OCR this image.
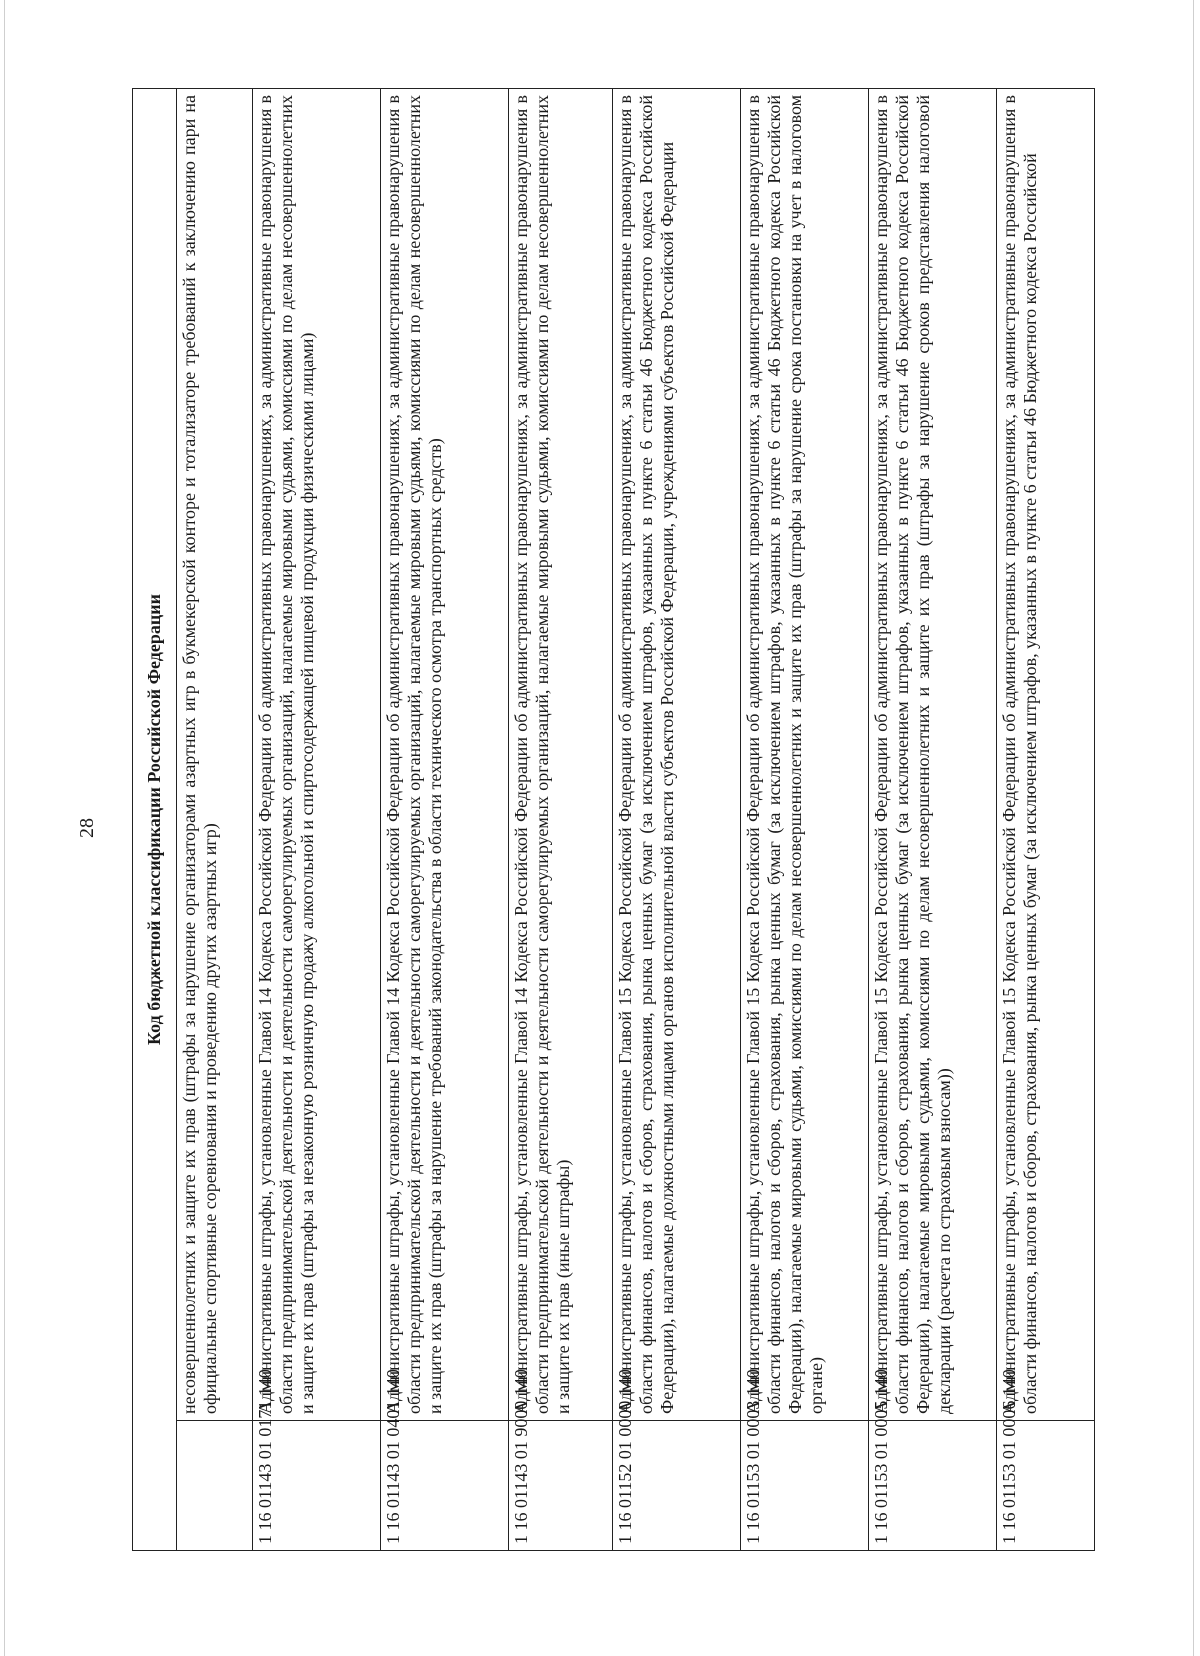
28	Код бюджетной классификации Российской Федерации	
	несовершеннолетних и защите их прав (штрафы за нарушение организаторами азартных игр в букмекерской конторе и тотализаторе требований к заключению пари на официальные спортивные соревнования и проведению других азартных игр)
1 16 01143 01 0171 140	Административные штрафы, установленные Главой 14 Кодекса Российской Федерации об административных правонарушениях, за административные правонарушения в области предпринимательской деятельности и деятельности саморегулируемых организаций, налагаемые мировыми судьями, комиссиями по делам несовершеннолетних и защите их прав (штрафы за незаконную розничную продажу алкогольной и спиртосодержащей пищевой продукции физическими лицами)
1 16 01143 01 0401 140	Административные штрафы, установленные Главой 14 Кодекса Российской Федерации об административных правонарушениях, за административные правонарушения в области предпринимательской деятельности и деятельности саморегулируемых организаций, налагаемые мировыми судьями, комиссиями по делам несовершеннолетних и защите их прав (штрафы за нарушение требований законодательства в области технического осмотра транспортных средств)
1 16 01143 01 9000 140	Административные штрафы, установленные Главой 14 Кодекса Российской Федерации об административных правонарушениях, за административные правонарушения в области предпринимательской деятельности и деятельности саморегулируемых организаций, налагаемые мировыми судьями, комиссиями по делам несовершеннолетних и защите их прав (иные штрафы)
1 16 01152 01 0000 140	Административные штрафы, установленные Главой 15 Кодекса Российской Федерации об административных правонарушениях, за административные правонарушения в области финансов, налогов и сборов, страхования, рынка ценных бумаг (за исключением штрафов, указанных в пункте 6 статьи 46 Бюджетного кодекса Российской Федерации), налагаемые должностными лицами органов исполнительной власти субъектов Российской Федерации, учреждениями субъектов Российской Федерации
1 16 01153 01 0003 140	Административные штрафы, установленные Главой 15 Кодекса Российской Федерации об административных правонарушениях, за административные правонарушения в области финансов, налогов и сборов, страхования, рынка ценных бумаг (за исключением штрафов, указанных в пункте 6 статьи 46 Бюджетного кодекса Российской Федерации), налагаемые мировыми судьями, комиссиями по делам несовершеннолетних и защите их прав (штрафы за нарушение срока постановки на учет в налоговом органе)
1 16 01153 01 0005 140	Административные штрафы, установленные Главой 15 Кодекса Российской Федерации об административных правонарушениях, за административные правонарушения в области финансов, налогов и сборов, страхования, рынка ценных бумаг (за исключением штрафов, указанных в пункте 6 статьи 46 Бюджетного кодекса Российской Федерации), налагаемые мировыми судьями, комиссиями по делам несовершеннолетних и защите их прав (штрафы за нарушение сроков представления налоговой декларации (расчета по страховым взносам))
1 16 01153 01 0006 140	Административные штрафы, установленные Главой 15 Кодекса Российской Федерации об административных правонарушениях, за административные правонарушения в области финансов, налогов и сборов, страхования, рынка ценных бумаг (за исключением штрафов, указанных в пункте 6 статьи 46 Бюджетного кодекса Российской
